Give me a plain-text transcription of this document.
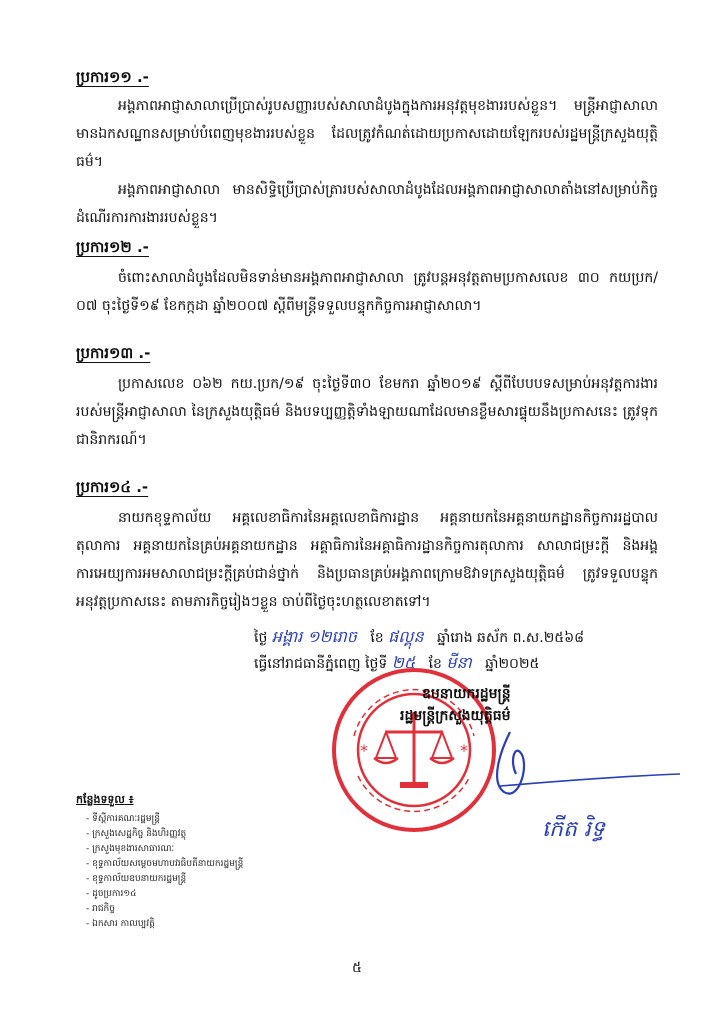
ប្រការ១១ .-

អង្គភាពអាជ្ញាសាលាប្រើប្រាស់រូបសញ្ញារបស់សាលាដំបូងក្នុងការអនុវត្តមុខងាររបស់ខ្លួន។ មន្ត្រីអាជ្ញាសាលាមានឯកសណ្ឋានសម្រាប់បំពេញមុខងាររបស់ខ្លួន ដែលត្រូវកំណត់ដោយប្រកាសដោយឡែករបស់រដ្ឋមន្ត្រីក្រសួងយុត្តិធម៌។

អង្គភាពអាជ្ញាសាលា មានសិទ្ធិប្រើប្រាស់ត្រារបស់សាលាដំបូងដែលអង្គភាពអាជ្ញាសាលាតាំងនៅសម្រាប់កិច្ចដំណើរការការងាររបស់ខ្លួន។

ប្រការ១២ .-

ចំពោះសាលាដំបូងដែលមិនទាន់មានអង្គភាពអាជ្ញាសាលា ត្រូវបន្តអនុវត្តតាមប្រកាសលេខ ៣០ កយប្រក/០៧ ចុះថ្ងៃទី១៩ ខែកក្កដា ឆ្នាំ២០០៧ ស្តីពីមន្ត្រីទទួលបន្ទុកកិច្ចការអាជ្ញាសាលា។

ប្រការ១៣ .-

ប្រកាសលេខ ០៦២ កយ.ប្រក/១៩ ចុះថ្ងៃទី៣០ ខែមករា ឆ្នាំ២០១៩ ស្តីពីបែបបទសម្រាប់អនុវត្តការងាររបស់មន្ត្រីអាជ្ញាសាលា នៃក្រសួងយុត្តិធម៌ និងបទប្បញ្ញត្តិទាំងឡាយណាដែលមានខ្លឹមសារផ្ទុយនឹងប្រកាសនេះ ត្រូវទុកជានិរាករណ៍។

ប្រការ១៤ .-

នាយកខុទ្ទកាល័យ អគ្គលេខាធិការនៃអគ្គលេខាធិការដ្ឋាន អគ្គនាយកនៃអគ្គនាយកដ្ឋានកិច្ចការរដ្ឋបាលតុលាការ អគ្គនាយកនៃគ្រប់អគ្គនាយកដ្ឋាន អគ្គាធិការនៃអគ្គាធិការដ្ឋានកិច្ចការតុលាការ សាលាជម្រះក្តី និងអង្គការអេយ្យការអមសាលាជម្រះក្តីគ្រប់ជាន់ថ្នាក់ និងប្រធានគ្រប់អង្គភាពក្រោមឱវាទក្រសួងយុត្តិធម៌ ត្រូវទទួលបន្ទុកអនុវត្តប្រកាសនេះ តាមភារកិច្ចរៀងៗខ្លួន ចាប់ពីថ្ងៃចុះហត្ថលេខាតទៅ។

ថ្ងៃ អង្គារ ១២រោច ខែ ផល្គុន ឆ្នាំរោង ឆស័ក ព.ស.២៥៦៨
ធ្វើនៅរាជធានីភ្នំពេញ ថ្ងៃទី ២៥ ខែ មីនា ឆ្នាំ២០២៥
*	*
ឧបនាយករដ្ឋមន្ត្រី
រដ្ឋមន្ត្រីក្រសួងយុត្តិធម៌
កើត រិទ្ធ
កន្លែងទទួល ៖
- ទីស្តីការគណៈរដ្ឋមន្ត្រី
- ក្រសួងសេដ្ឋកិច្ច និងហិរញ្ញវត្ថុ
- ក្រសួងមុខងារសាធារណៈ
- ខុទ្ទកាល័យសម្តេចមហាបវរធិបតីនាយករដ្ឋមន្ត្រី
- ខុទ្ទកាល័យឧបនាយករដ្ឋមន្ត្រី
- ដូចប្រការ១៤
- រាជកិច្ច
- ឯកសារ កាលប្បវត្តិ
៥
